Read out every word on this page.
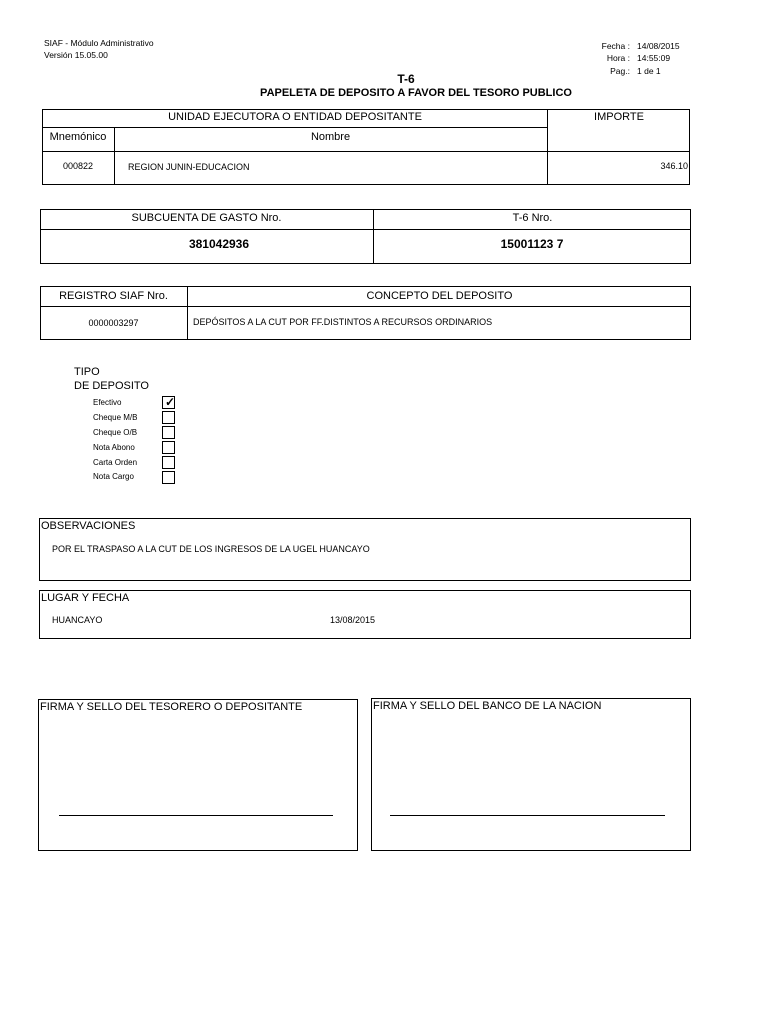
SIAF - Módulo Administrativo
Versión 15.05.00
Fecha : 14/08/2015
Hora : 14:55:09
Pag.: 1 de 1
T-6
PAPELETA DE DEPOSITO A FAVOR DEL TESORO PUBLICO
UNIDAD EJECUTORA O ENTIDAD DEPOSITANTE	IMPORTE
Mnemónico	Nombre
000822	REGION JUNIN-EDUCACION	346.10
SUBCUENTA DE GASTO Nro.	T-6 Nro.
381042936	15001123 7
REGISTRO SIAF Nro.	CONCEPTO DEL DEPOSITO
0000003297	DEPÓSITOS A LA CUT POR FF.DISTINTOS A RECURSOS ORDINARIOS
TIPO
DE DEPOSITO
Efectivo	✓
Cheque M/B
Cheque O/B
Nota Abono
Carta Orden
Nota Cargo
OBSERVACIONES
POR EL TRASPASO A LA CUT DE LOS INGRESOS DE LA UGEL HUANCAYO
LUGAR Y FECHA
HUANCAYO	13/08/2015
FIRMA Y SELLO DEL TESORERO O DEPOSITANTE	FIRMA Y SELLO DEL BANCO DE LA NACION
